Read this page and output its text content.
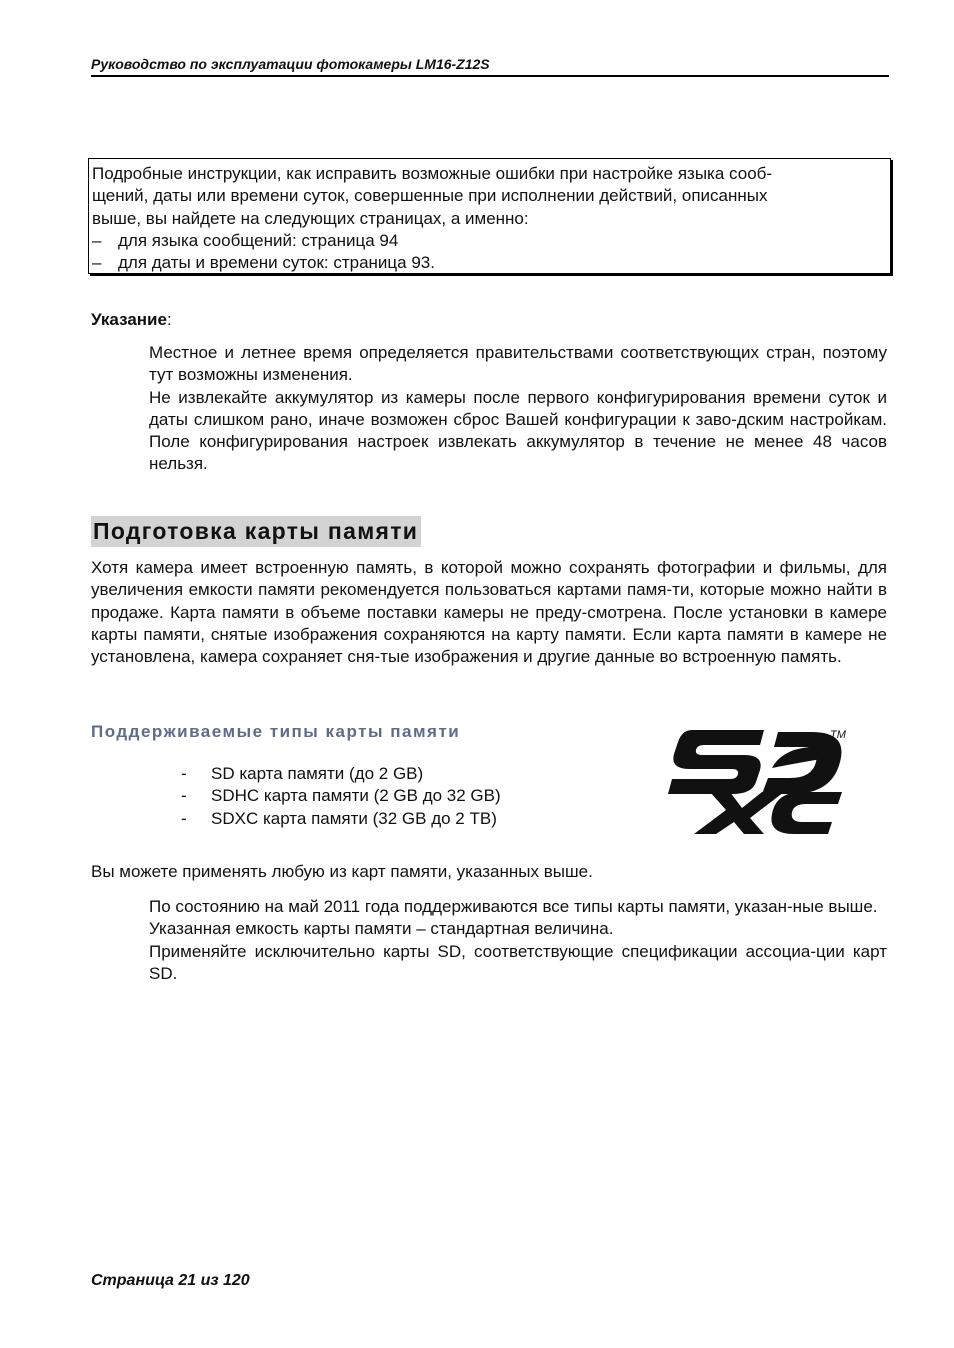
Руководство по эксплуатации фотокамеры LM16-Z12S

Подробные инструкции, как исправить возможные ошибки при настройке языка сооб-

щений, даты или времени суток, совершенные при исполнении действий, описанных

выше, вы найдете на следующих страницах, а именно:

– для языка сообщений: страница 94
– для даты и времени суток: страница 93.
Указание:

Местное и летнее время определяется правительствами соответствующих стран, поэтому тут возможны изменения.

Не извлекайте аккумулятор из камеры после первого конфигурирования времени суток и даты слишком рано, иначе возможен сброс Вашей конфигурации к заво-дским настройкам. Поле конфигурирования настроек извлекать аккумулятор в течение не менее 48 часов нельзя.

Подготовка карты памяти

Хотя камера имеет встроенную память, в которой можно сохранять фотографии и фильмы, для увеличения емкости памяти рекомендуется пользоваться картами памя-ти, которые можно найти в продаже. Карта памяти в объеме поставки камеры не преду-смотрена. После установки в камере карты памяти, снятые изображения сохраняются на карту памяти. Если карта памяти в камере не установлена, камера сохраняет сня-тые изображения и другие данные во встроенную память.

Поддерживаемые типы карты памяти
-	SD карта памяти (до 2 GB)
-	SDHC карта памяти (2 GB до 32 GB)
-	SDXC карта памяти (32 GB до 2 TB)
TM
Вы можете применять любую из карт памяти, указанных выше.

По состоянию на май 2011 года поддерживаются все типы карты памяти, указан-ные выше.

Указанная емкость карты памяти – стандартная величина.

Применяйте исключительно карты SD, соответствующие спецификации ассоциа-ции карт SD.

Страница 21 из 120
